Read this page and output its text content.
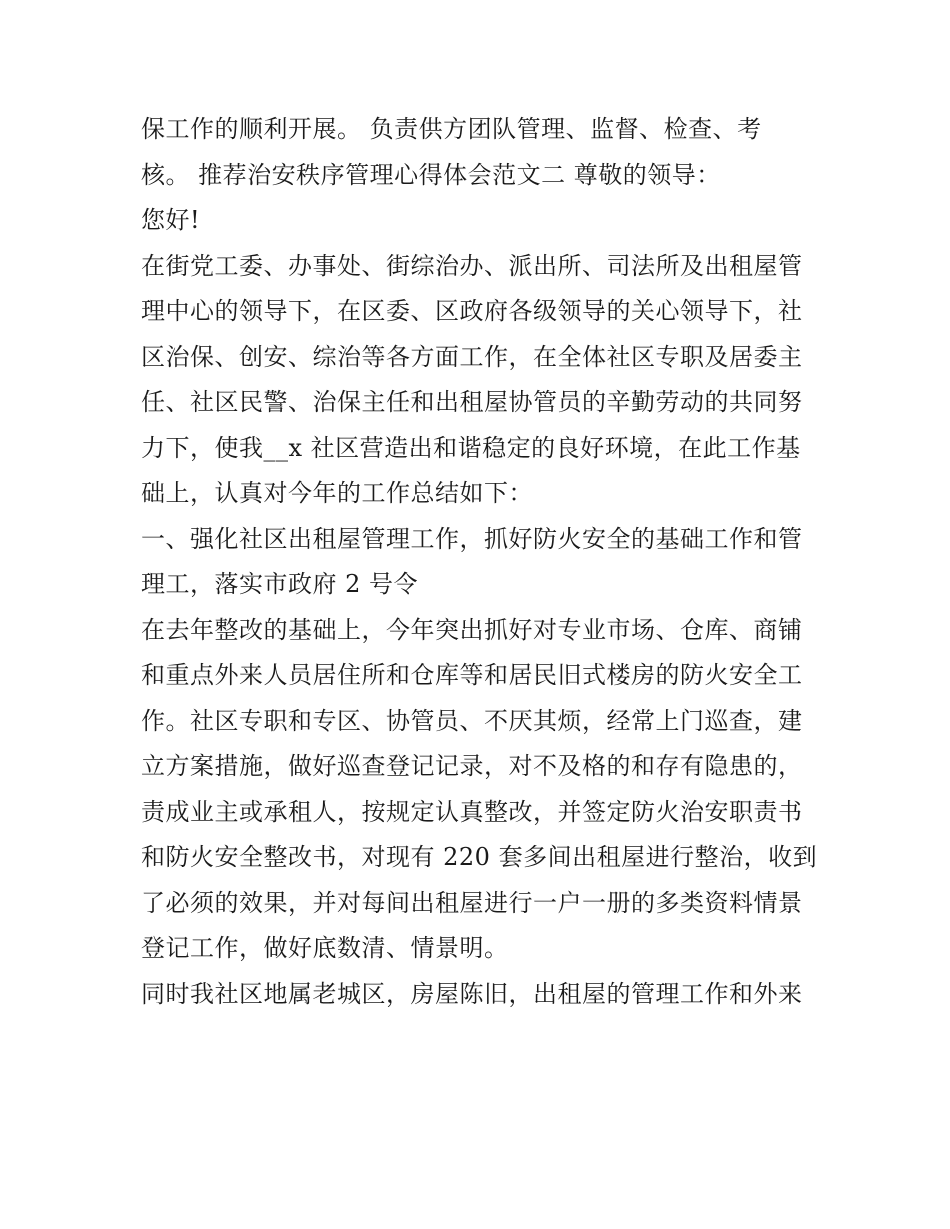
保工作的顺利开展。 负责供方团队管理、监督、检查、考
核。 推荐治安秩序管理心得体会范文二 尊敬的领导：
您好!
在街党工委、办事处、街综治办、派出所、司法所及出租屋管
理中心的领导下，在区委、区政府各级领导的关心领导下，社
区治保、创安、综治等各方面工作，在全体社区专职及居委主
任、社区民警、治保主任和出租屋协管员的辛勤劳动的共同努
力下，使我__x 社区营造出和谐稳定的良好环境，在此工作基
础上，认真对今年的工作总结如下：
一、强化社区出租屋管理工作，抓好防火安全的基础工作和管
理工，落实市政府 2 号令
在去年整改的基础上，今年突出抓好对专业市场、仓库、商铺
和重点外来人员居住所和仓库等和居民旧式楼房的防火安全工
作。社区专职和专区、协管员、不厌其烦，经常上门巡查，建
立方案措施，做好巡查登记记录，对不及格的和存有隐患的，
责成业主或承租人，按规定认真整改，并签定防火治安职责书
和防火安全整改书，对现有 220 套多间出租屋进行整治，收到
了必须的效果，并对每间出租屋进行一户一册的多类资料情景
登记工作，做好底数清、情景明。
同时我社区地属老城区，房屋陈旧，出租屋的管理工作和外来
